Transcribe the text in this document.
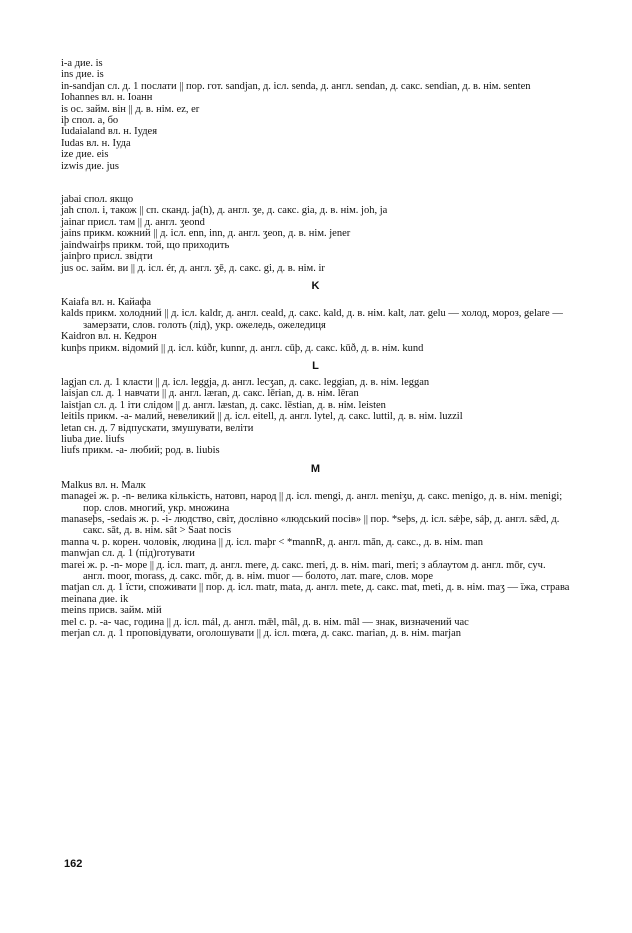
i-a дие. is
ins дие. is
in-sandjan сл. д. 1 послати || пор. гот. sandjan, д. ісл. senda, д. англ. sendan, д. сакс. sendian, д. в. нім. senten
Iohannes вл. н. Іоанн
is ос. займ. він || д. в. нім. ez, er
iþ спол. а, бо
Iudaialand вл. н. Іудея
Iudas вл. н. Іуда
ize дие. eis
izwis дие. jus
jabai спол. якщо
jah спол. і, також || сп. сканд. ja(h), д. англ. ʒe, д. сакс. gia, д. в. нім. joh, ja
jainar присл. там || д. англ. ʒeond
jains прикм. кожний || д. ісл. enn, inn, д. англ. ʒeon, д. в. нім. jener
jaindwairþs прикм. той, що приходить
jainþro присл. звідти
jus ос. займ. ви || д. ісл. ér, д. англ. ʒē, д. сакс. gi, д. в. нім. ir
K
Kaiafa вл. н. Кайафа
kalds прикм. холодний || д. ісл. kaldr, д. англ. ceald, д. сакс. kald, д. в. нім. kalt, лат. gelu — холод, мороз, gelare — замерзати, слов. голоть (лід), укр. ожеледь, ожеледиця
Kaidron вл. н. Кедрон
kunþs прикм. відомий || д. ісл. kúðr, kunnr, д. англ. cūþ, д. сакс. kūð, д. в. нім. kund
L
lagjan сл. д. 1 класти || д. ісл. leggja, д. англ. lecʒan, д. сакс. leggian, д. в. нім. leggan
laisjan сл. д. 1 навчати || д. англ. læran, д. сакс. lērian, д. в. нім. lēran
laistjan сл. д. 1 іти слідом || д. англ. læstan, д. сакс. lēstian, д. в. нім. leisten
leitils прикм. -a- малий, невеликий || д. ісл. eitell, д. англ. lytel, д. сакс. luttil, д. в. нім. luzzil
letan сн. д. 7 відпускати, змушувати, веліти
liuba дие. liufs
liufs прикм. -a- любий; род. в. liubis
M
Malkus вл. н. Малк
managei ж. р. -n- велика кількість, натовп, народ || д. ісл. mengi, д. англ. meniʒu, д. сакс. menigo, д. в. нім. menigi; пор. слов. многий, укр. множина
manaseþs, -sedais ж. р. -i- людство, світ, дослівно «людський посів» || пор. *seþs, д. ісл. sǽþe, sáþ, д. англ. sǣd, д. сакс. sāt, д. в. нім. sât > Saat nocis
manna ч. р. корен. чоловік, людина || д. ісл. maþr < *mannR, д. англ. mān, д. сакс., д. в. нім. man
manwjan сл. д. 1 (під)готувати
marei ж. р. -n- море || д. ісл. marr, д. англ. mere, д. сакс. meri, д. в. нім. mari, meri; з аблаутом д. англ. mōr, суч. англ. moor, morass, д. сакс. mōr, д. в. нім. muor — болото, лат. mare, слов. море
matjan сл. д. 1 їсти, споживати || пор. д. ісл. matr, mata, д. англ. mete, д. сакс. mat, meti, д. в. нім. maʒ — їжа, страва
meinana дие. ik
meins присв. займ. мій
mel с. р. -a- час, година || д. ісл. mál, д. англ. mǣl, mâl, д. в. нім. mâl — знак, визначений час
merjan сл. д. 1 проповідувати, оголошувати || д. ісл. mœra, д. сакс. marian, д. в. нім. marjan
162
